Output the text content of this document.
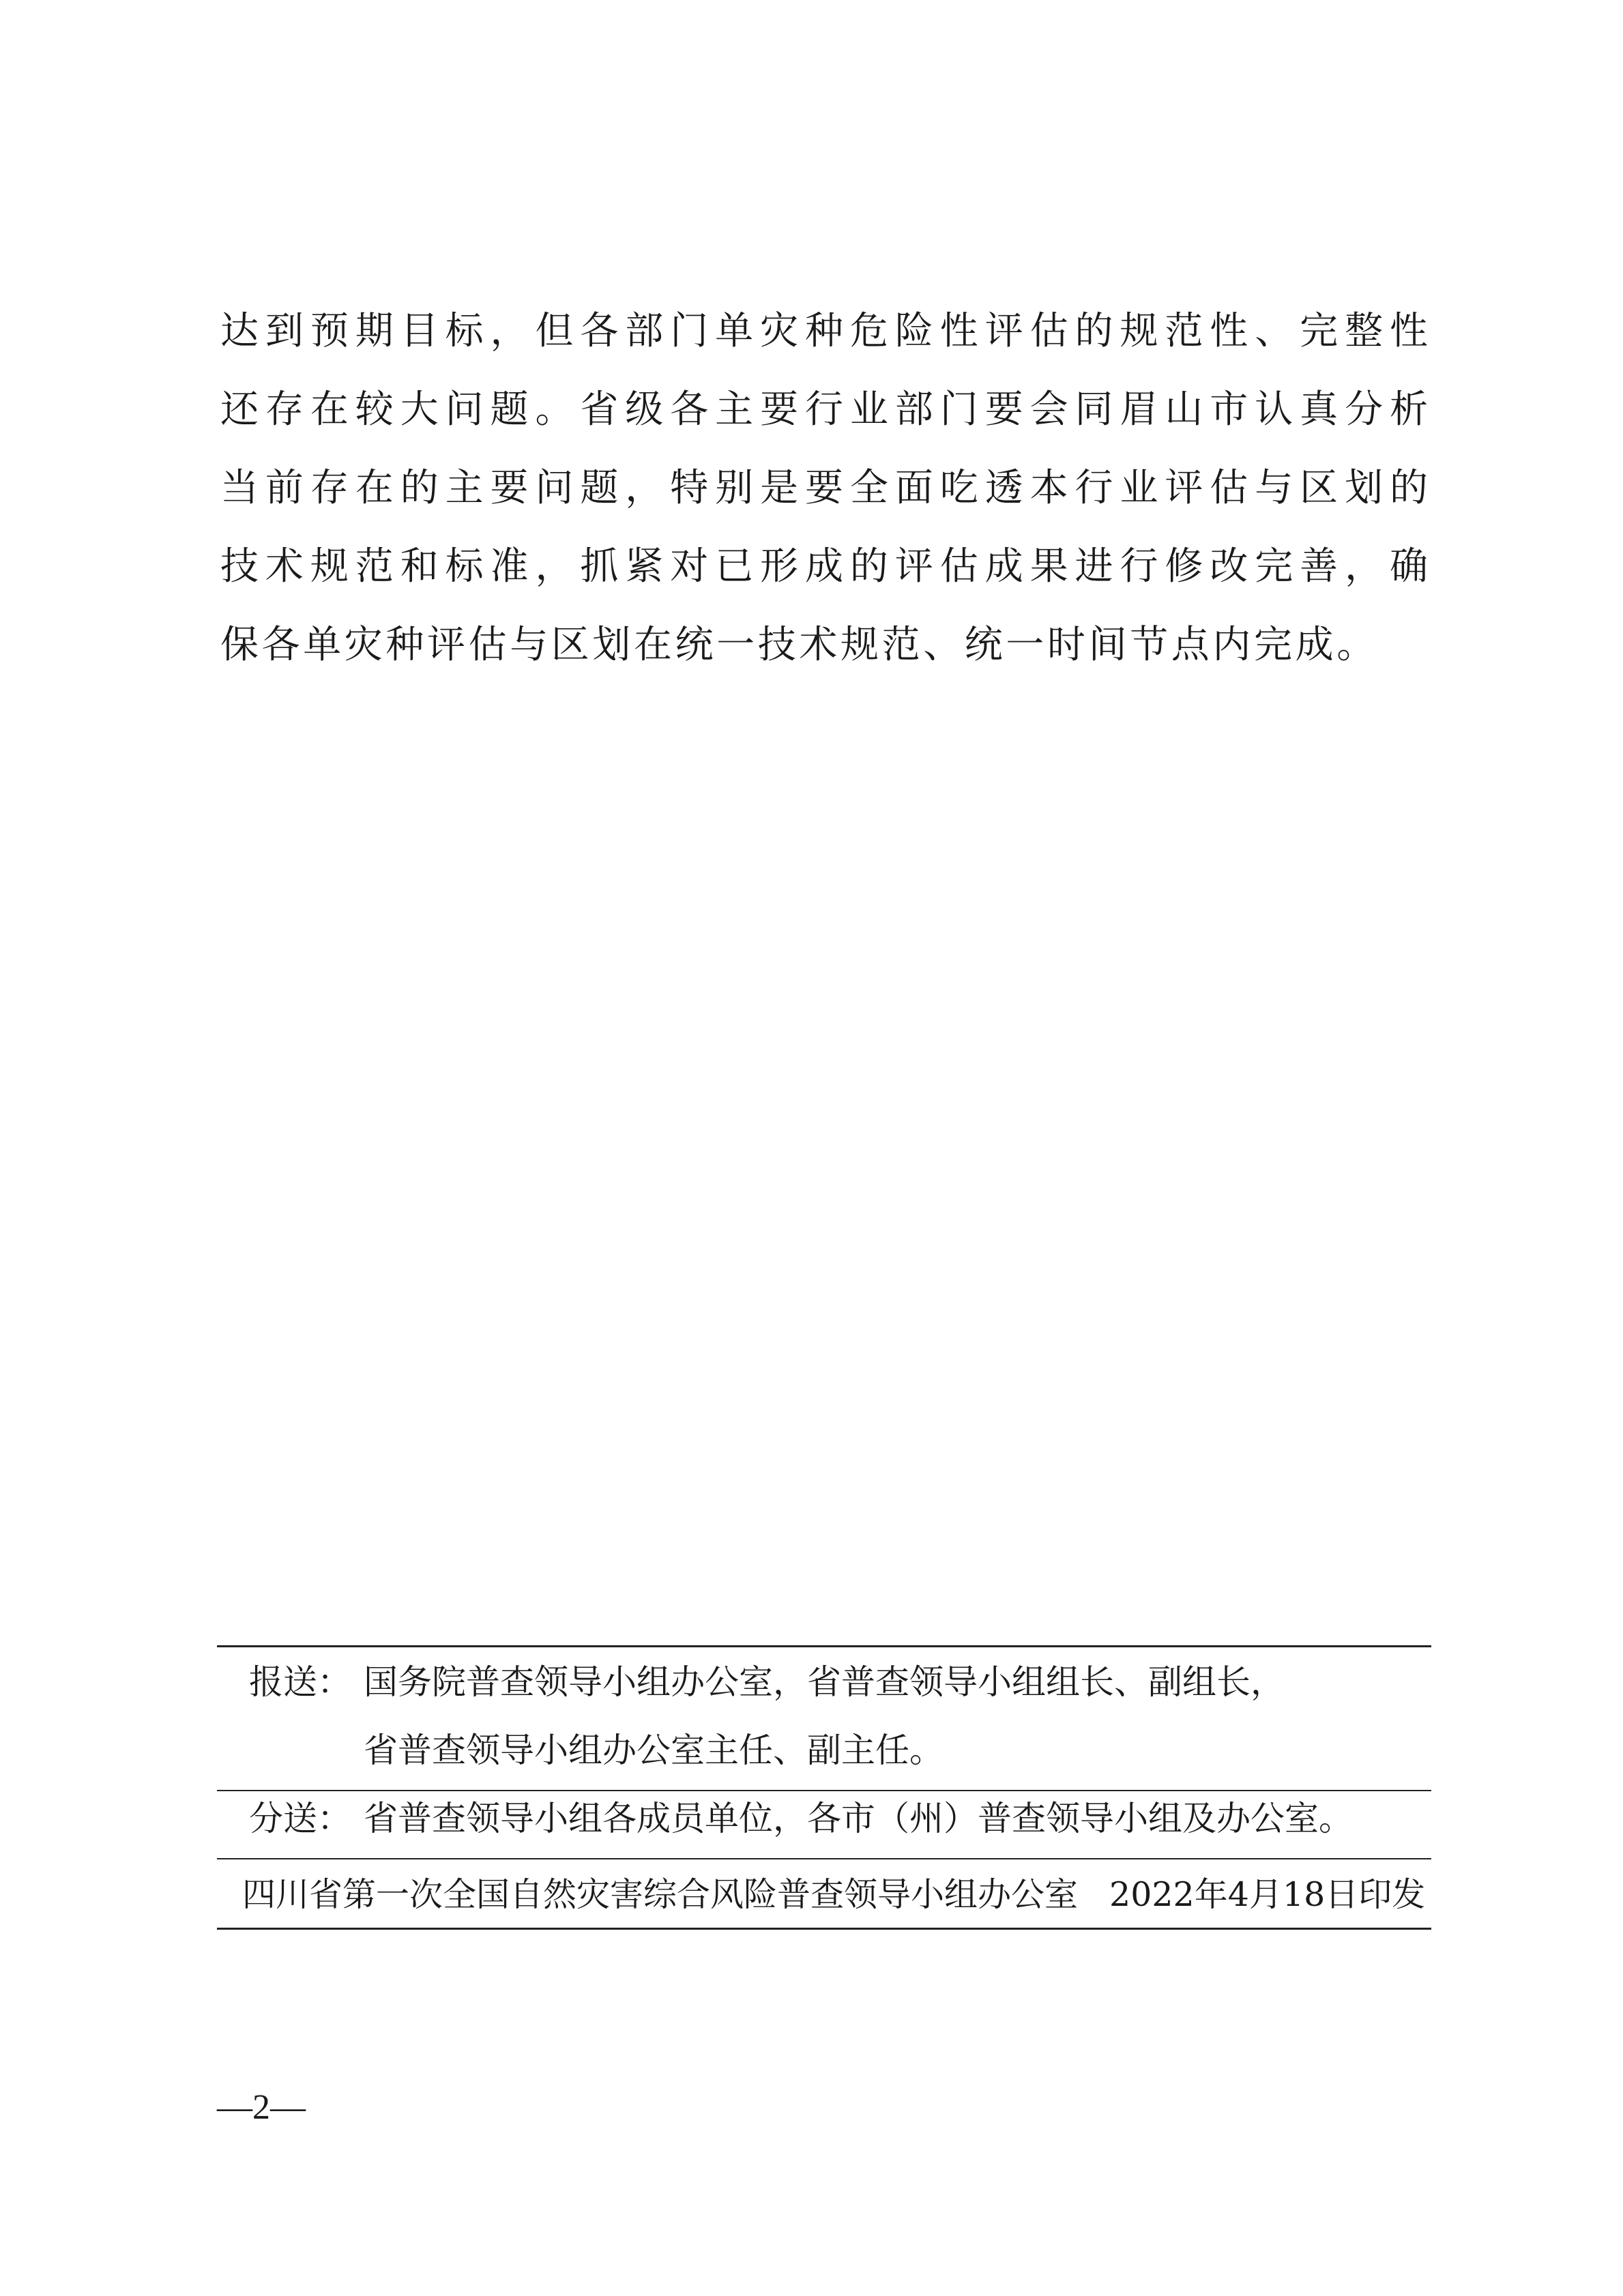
达到预期目标，但各部门单灾种危险性评估的规范性、完整性
还存在较大问题。省级各主要行业部门要会同眉山市认真分析
当前存在的主要问题，特别是要全面吃透本行业评估与区划的
技术规范和标准，抓紧对已形成的评估成果进行修改完善，确
保各单灾种评估与区划在统一技术规范、统一时间节点内完成。
报送： 国务院普查领导小组办公室，省普查领导小组组长、副组长，
省普查领导小组办公室主任、副主任。
分送： 省普查领导小组各成员单位，各市（州）普查领导小组及办公室。
四川省第一次全国自然灾害综合风险普查领导小组办公室 2022年4月18日印发
—2—
